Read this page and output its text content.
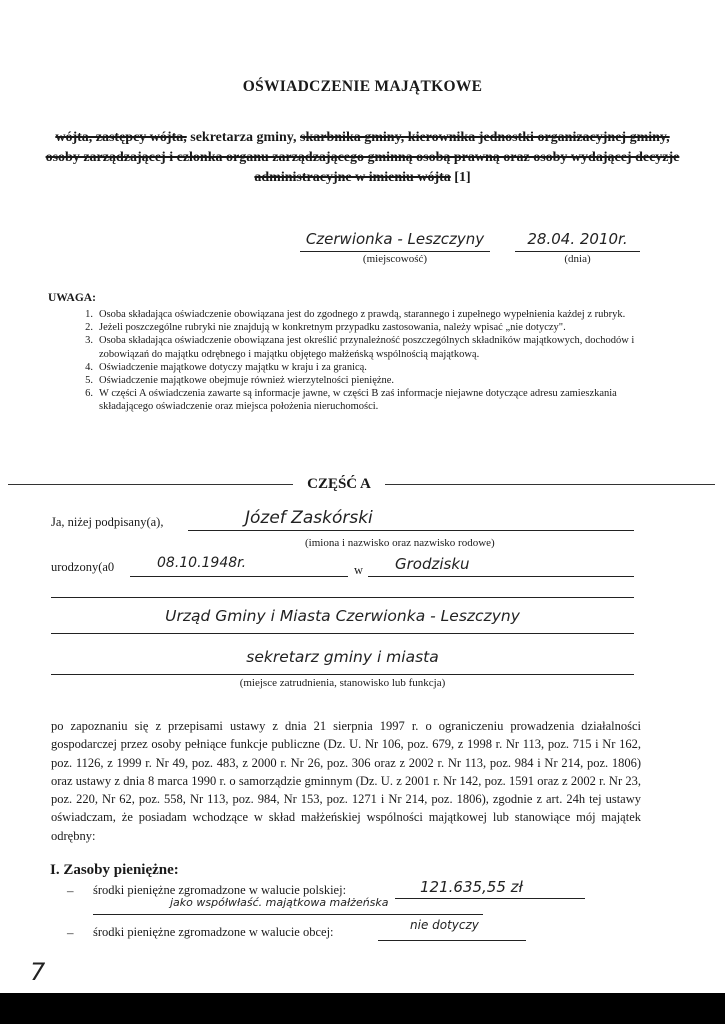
OŚWIADCZENIE MAJĄTKOWE
wójta, zastępcy wójta, sekretarza gminy, skarbnika gminy, kierownika jednostki organizacyjnej gminy, osoby zarządzającej i członka organu zarządzającego gminną osobą prawną oraz osoby wydającej decyzje administracyjne w imieniu wójta [1]
Czerwionka - Leszczyny
(miejscowość)
28.04. 2010r.
(dnia)
UWAGA:
1. Osoba składająca oświadczenie obowiązana jest do zgodnego z prawdą, starannego i zupełnego wypełnienia każdej z rubryk.
2. Jeżeli poszczególne rubryki nie znajdują w konkretnym przypadku zastosowania, należy wpisać „nie dotyczy".
3. Osoba składająca oświadczenie obowiązana jest określić przynależność poszczególnych składników majątkowych, dochodów i zobowiązań do majątku odrębnego i majątku objętego małżeńską wspólnością majątkową.
4. Oświadczenie majątkowe dotyczy majątku w kraju i za granicą.
5. Oświadczenie majątkowe obejmuje również wierzytelności pieniężne.
6. W części A oświadczenia zawarte są informacje jawne, w części B zaś informacje niejawne dotyczące adresu zamieszkania składającego oświadczenie oraz miejsca położenia nieruchomości.
CZĘŚĆ A
Ja, niżej podpisany(a),	Józef Zaskórski
(imiona i nazwisko oraz nazwisko rodowe)
urodzony(a0	08.10.1948r.	w Grodzisku
Urząd Gminy i Miasta Czerwionka - Leszczyny
sekretarz gminy i miasta
(miejsce zatrudnienia, stanowisko lub funkcja)
po zapoznaniu się z przepisami ustawy z dnia 21 sierpnia 1997 r. o ograniczeniu prowadzenia działalności gospodarczej przez osoby pełniące funkcje publiczne (Dz. U. Nr 106, poz. 679, z 1998 r. Nr 113, poz. 715 i Nr 162, poz. 1126, z 1999 r. Nr 49, poz. 483, z 2000 r. Nr 26, poz. 306 oraz z 2002 r. Nr 113, poz. 984 i Nr 214, poz. 1806) oraz ustawy z dnia 8 marca 1990 r. o samorządzie gminnym (Dz. U. z 2001 r. Nr 142, poz. 1591 oraz z 2002 r. Nr 23, poz. 220, Nr 62, poz. 558, Nr 113, poz. 984, Nr 153, poz. 1271 i Nr 214, poz. 1806), zgodnie z art. 24h tej ustawy oświadczam, że posiadam wchodzące w skład małżeńskiej wspólności majątkowej lub stanowiące mój majątek odrębny:
I. Zasoby pieniężne:
– środki pieniężne zgromadzone w walucie polskiej:	121.635,55 zł
jako współwłaść. majątkowa małżeńska
– środki pieniężne zgromadzone w walucie obcej:	nie dotyczy
7
